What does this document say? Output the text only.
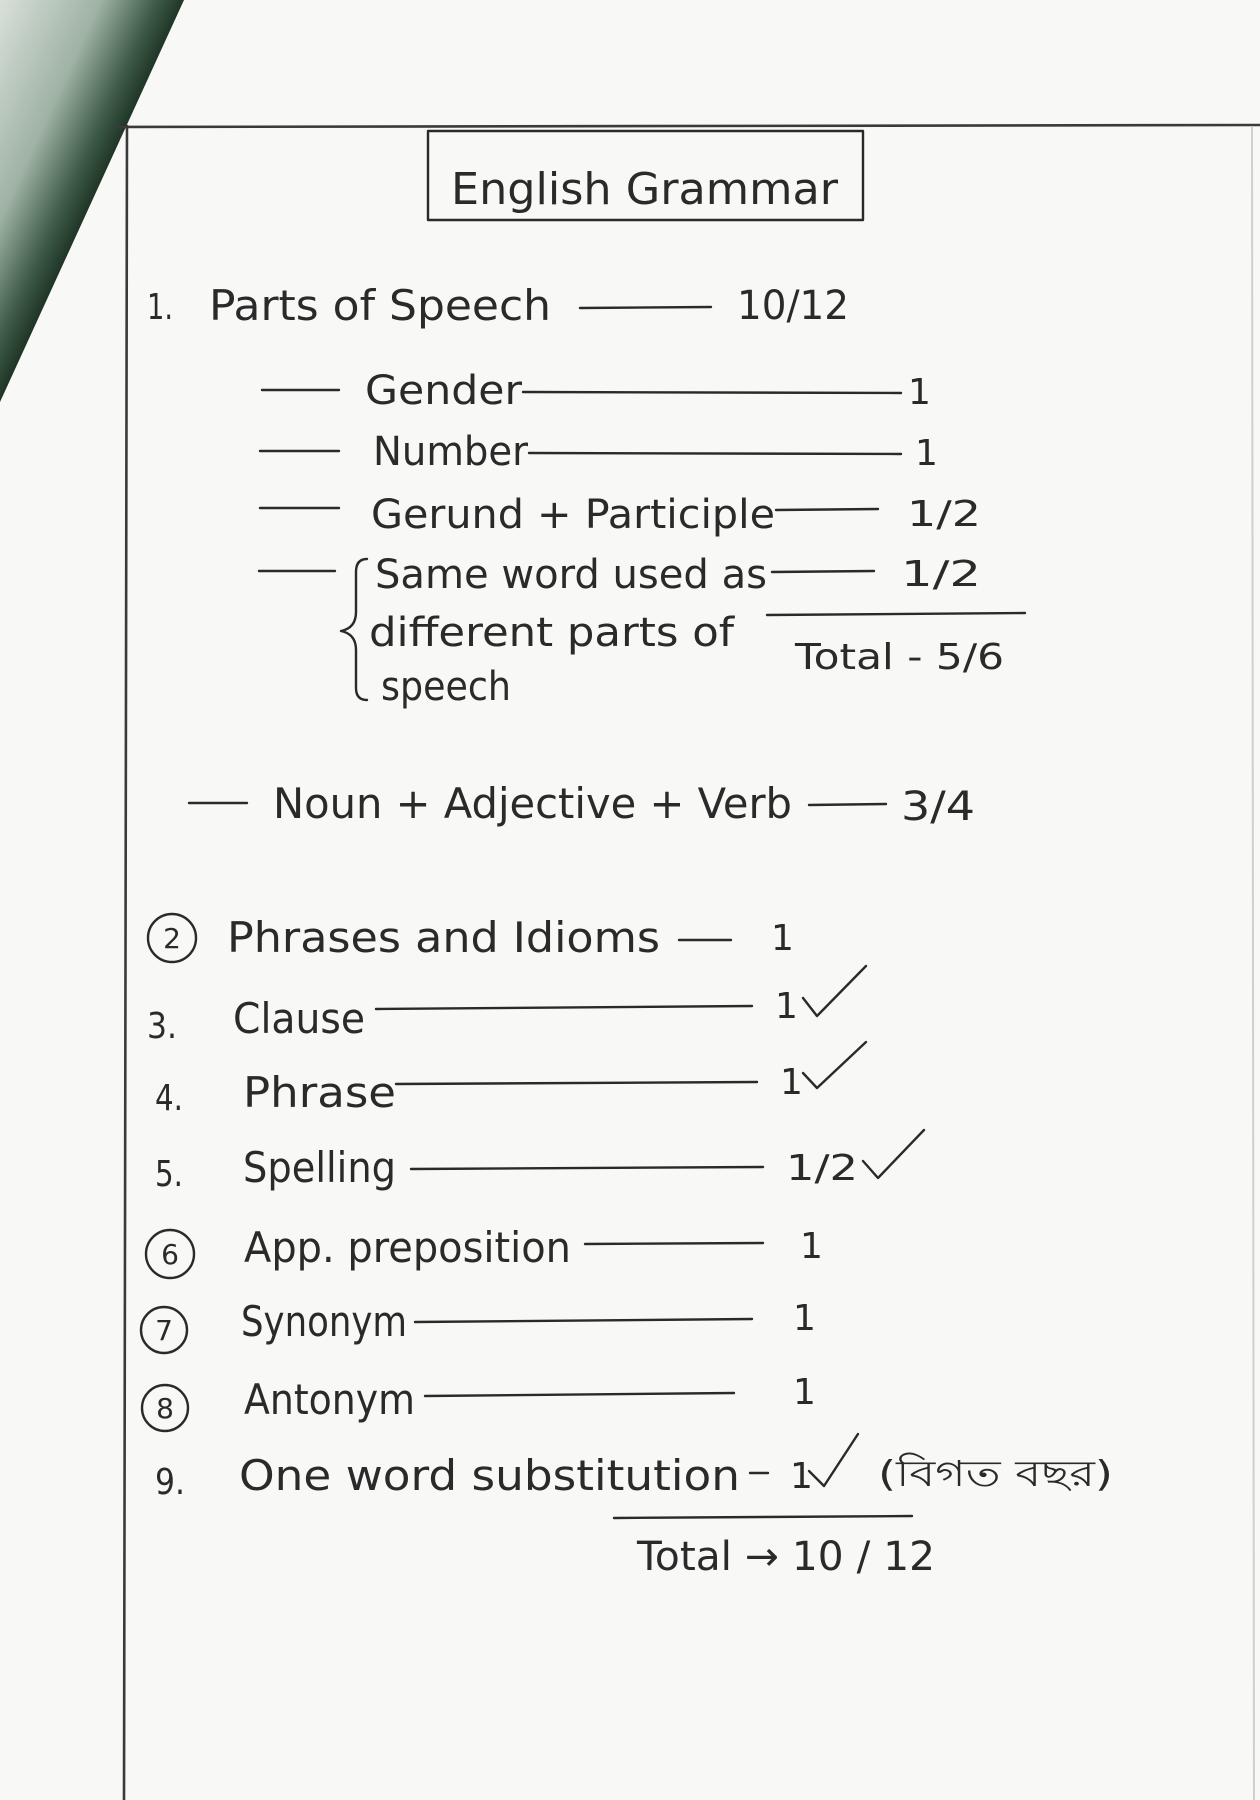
English Grammar
1. Parts of Speech	10/12
Gender	1
Number	1
Gerund + Participle	1/2
Same word used as
different parts of
speech
1/2
Total - 5/6
Noun + Adjective + Verb	3/4
2 Phrases and Idioms	1
3. Clause	1
4. Phrase	1
5. Spelling	1/2
6 App. preposition	1
7 Synonym	1
8 Antonym	1
9. One word substitution 1 (বিগত বছর)
Total → 10 / 12
